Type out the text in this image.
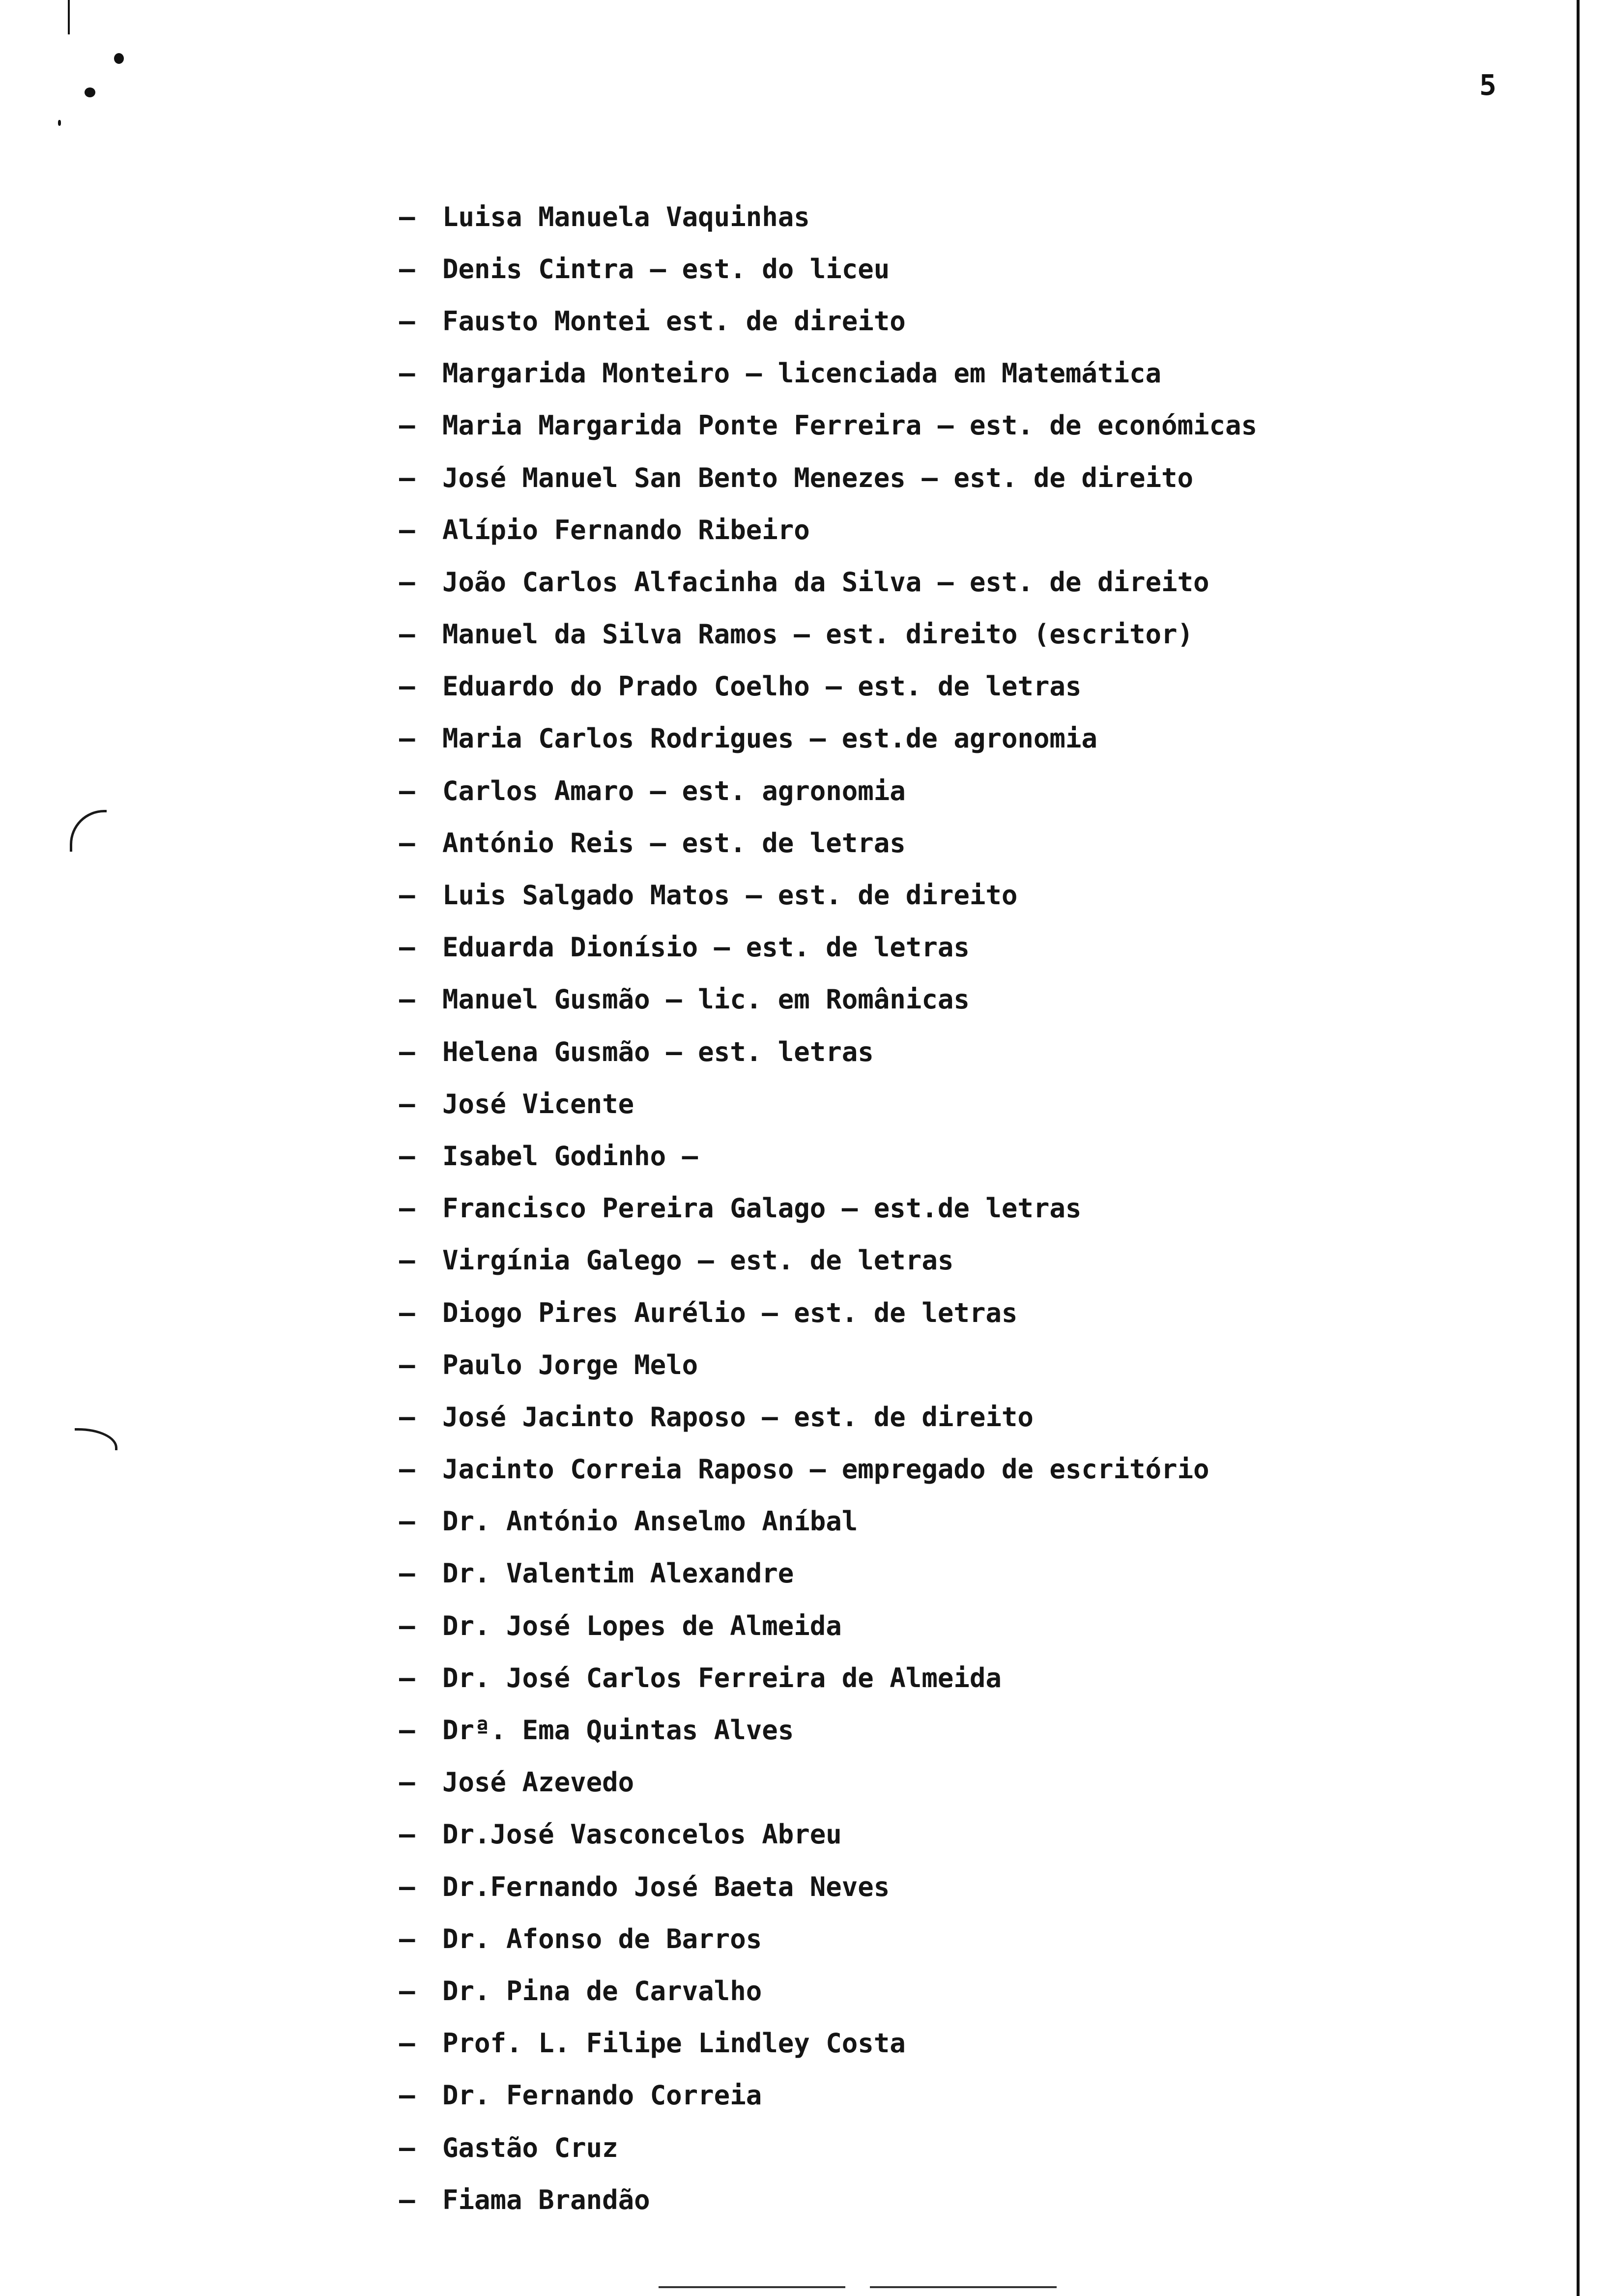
5
–	Luisa Manuela Vaquinhas
–	Denis Cintra – est. do liceu
–	Fausto Montei est. de direito
–	Margarida Monteiro – licenciada em Matemática
–	Maria Margarida Ponte Ferreira – est. de económicas
–	José Manuel San Bento Menezes – est. de direito
–	Alípio Fernando Ribeiro
–	João Carlos Alfacinha da Silva – est. de direito
–	Manuel da Silva Ramos – est. direito (escritor)
–	Eduardo do Prado Coelho – est. de letras
–	Maria Carlos Rodrigues – est.de agronomia
–	Carlos Amaro – est. agronomia
–	António Reis – est. de letras
–	Luis Salgado Matos – est. de direito
–	Eduarda Dionísio – est. de letras
–	Manuel Gusmão – lic. em Românicas
–	Helena Gusmão – est. letras
–	José Vicente
–	Isabel Godinho –
–	Francisco Pereira Galago – est.de letras
–	Virgínia Galego – est. de letras
–	Diogo Pires Aurélio – est. de letras
–	Paulo Jorge Melo
–	José Jacinto Raposo – est. de direito
–	Jacinto Correia Raposo – empregado de escritório
–	Dr. António Anselmo Aníbal
–	Dr. Valentim Alexandre
–	Dr. José Lopes de Almeida
–	Dr. José Carlos Ferreira de Almeida
–	Drª. Ema Quintas Alves
–	José Azevedo
–	Dr.José Vasconcelos Abreu
–	Dr.Fernando José Baeta Neves
–	Dr. Afonso de Barros
–	Dr. Pina de Carvalho
–	Prof. L. Filipe Lindley Costa
–	Dr. Fernando Correia
–	Gastão Cruz
–	Fiama Brandão
